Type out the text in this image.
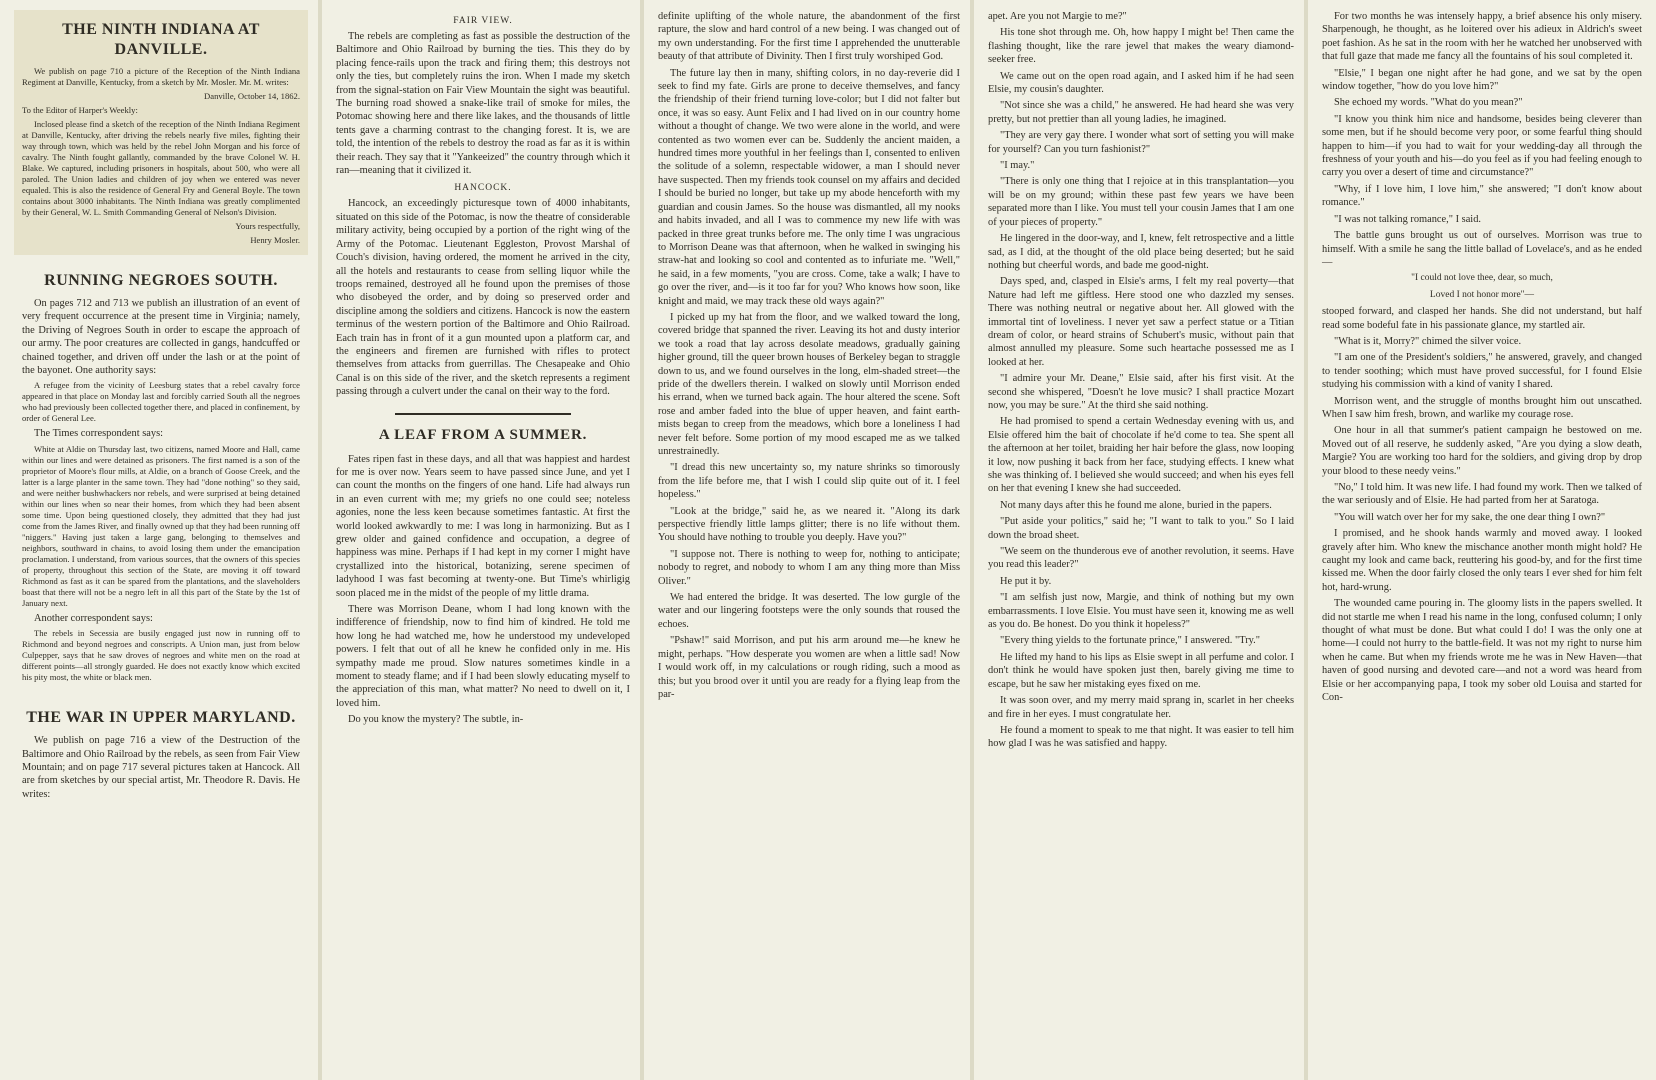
THE NINTH INDIANA AT DANVILLE.

We publish on page 710 a picture of the Reception of the Ninth Indiana Regiment at Danville, Kentucky, from a sketch by Mr. Mosler. Mr. M. writes:

Danville, October 14, 1862.

To the Editor of Harper's Weekly:

Inclosed please find a sketch of the reception of the Ninth Indiana Regiment at Danville, Kentucky, after driving the rebels nearly five miles, fighting their way through town, which was held by the rebel John Morgan and his force of cavalry. The Ninth fought gallantly, commanded by the brave Colonel W. H. Blake. We captured, including prisoners in hospitals, about 500, who were all paroled. The Union ladies and children of joy when we entered was never equaled. This is also the residence of General Fry and General Boyle. The town contains about 3000 inhabitants. The Ninth Indiana was greatly complimented by their General, W. L. Smith Commanding General of Nelson's Division.

Yours respectfully,

Henry Mosler.

RUNNING NEGROES SOUTH.

On pages 712 and 713 we publish an illustration of an event of very frequent occurrence at the present time in Virginia; namely, the Driving of Negroes South in order to escape the approach of our army. The poor creatures are collected in gangs, handcuffed or chained together, and driven off under the lash or at the point of the bayonet. One authority says:

A refugee from the vicinity of Leesburg states that a rebel cavalry force appeared in that place on Monday last and forcibly carried South all the negroes who had previously been collected together there, and placed in confinement, by order of General Lee.

The Times correspondent says:

White at Aldie on Thursday last, two citizens, named Moore and Hall, came within our lines and were detained as prisoners. The first named is a son of the proprietor of Moore's flour mills, at Aldie, on a branch of Goose Creek, and the latter is a large planter in the same town. They had "done nothing" so they said, and were neither bushwhackers nor rebels, and were surprised at being detained within our lines when so near their homes, from which they had been absent some time. Upon being questioned closely, they admitted that they had just come from the James River, and finally owned up that they had been running off "niggers." Having just taken a large gang, belonging to themselves and neighbors, southward in chains, to avoid losing them under the emancipation proclamation. I understand, from various sources, that the owners of this species of property, throughout this section of the State, are moving it off toward Richmond as fast as it can be spared from the plantations, and the slaveholders boast that there will not be a negro left in all this part of the State by the 1st of January next.

Another correspondent says:

The rebels in Secessia are busily engaged just now in running off to Richmond and beyond negroes and conscripts. A Union man, just from below Culpepper, says that he saw droves of negroes and white men on the road at different points—all strongly guarded. He does not exactly know which excited his pity most, the white or black men.

THE WAR IN UPPER MARYLAND.

We publish on page 716 a view of the Destruction of the Baltimore and Ohio Railroad by the rebels, as seen from Fair View Mountain; and on page 717 several pictures taken at Hancock. All are from sketches by our special artist, Mr. Theodore R. Davis. He writes:

FAIR VIEW.

The rebels are completing as fast as possible the destruction of the Baltimore and Ohio Railroad by burning the ties. This they do by placing fence-rails upon the track and firing them; this destroys not only the ties, but completely ruins the iron. When I made my sketch from the signal-station on Fair View Mountain the sight was beautiful. The burning road showed a snake-like trail of smoke for miles, the Potomac showing here and there like lakes, and the thousands of little tents gave a charming contrast to the changing forest. It is, we are told, the intention of the rebels to destroy the road as far as it is within their reach. They say that it "Yankeeized" the country through which it ran—meaning that it civilized it.

HANCOCK.

Hancock, an exceedingly picturesque town of 4000 inhabitants, situated on this side of the Potomac, is now the theatre of considerable military activity, being occupied by a portion of the right wing of the Army of the Potomac. Lieutenant Eggleston, Provost Marshal of Couch's division, having ordered, the moment he arrived in the city, all the hotels and restaurants to cease from selling liquor while the troops remained, destroyed all he found upon the premises of those who disobeyed the order, and by doing so preserved order and discipline among the soldiers and citizens. Hancock is now the eastern terminus of the western portion of the Baltimore and Ohio Railroad. Each train has in front of it a gun mounted upon a platform car, and the engineers and firemen are furnished with rifles to protect themselves from attacks from guerrillas. The Chesapeake and Ohio Canal is on this side of the river, and the sketch represents a regiment passing through a culvert under the canal on their way to the ford.

A LEAF FROM A SUMMER.

Fates ripen fast in these days, and all that was happiest and hardest for me is over now. Years seem to have passed since June, and yet I can count the months on the fingers of one hand. Life had always run in an even current with me; my griefs no one could see; noteless agonies, none the less keen because sometimes fantastic. At first the world looked awkwardly to me: I was long in harmonizing. But as I grew older and gained confidence and occupation, a degree of happiness was mine. Perhaps if I had kept in my corner I might have crystallized into the historical, botanizing, serene specimen of ladyhood I was fast becoming at twenty-one. But Time's whirligig soon placed me in the midst of the people of my little drama.

There was Morrison Deane, whom I had long known with the indifference of friendship, now to find him of kindred. He told me how long he had watched me, how he understood my undeveloped powers. I felt that out of all he knew he confided only in me. His sympathy made me proud. Slow natures sometimes kindle in a moment to steady flame; and if I had been slowly educating myself to the appreciation of this man, what matter? No need to dwell on it, I loved him.

Do you know the mystery? The subtle, in-

definite uplifting of the whole nature, the abandonment of the first rapture, the slow and hard control of a new being. I was changed out of my own understanding. For the first time I apprehended the unutterable beauty of that attribute of Divinity. Then I first truly worshiped God.

The future lay then in many, shifting colors, in no day-reverie did I seek to find my fate. Girls are prone to deceive themselves, and fancy the friendship of their friend turning love-color; but I did not falter but once, it was so easy. Aunt Felix and I had lived on in our country home without a thought of change. We two were alone in the world, and were contented as two women ever can be. Suddenly the ancient maiden, a hundred times more youthful in her feelings than I, consented to enliven the solitude of a solemn, respectable widower, a man I should never have suspected. Then my friends took counsel on my affairs and decided I should be buried no longer, but take up my abode henceforth with my guardian and cousin James. So the house was dismantled, all my nooks and habits invaded, and all I was to commence my new life with was packed in three great trunks before me. The only time I was ungracious to Morrison Deane was that afternoon, when he walked in swinging his straw-hat and looking so cool and contented as to infuriate me. "Well," he said, in a few moments, "you are cross. Come, take a walk; I have to go over the river, and—is it too far for you? Who knows how soon, like knight and maid, we may track these old ways again?"

I picked up my hat from the floor, and we walked toward the long, covered bridge that spanned the river. Leaving its hot and dusty interior we took a road that lay across desolate meadows, gradually gaining higher ground, till the queer brown houses of Berkeley began to straggle down to us, and we found ourselves in the long, elm-shaded street—the pride of the dwellers therein. I walked on slowly until Morrison ended his errand, when we turned back again. The hour altered the scene. Soft rose and amber faded into the blue of upper heaven, and faint earth-mists began to creep from the meadows, which bore a loneliness I had never felt before. Some portion of my mood escaped me as we talked unrestrainedly.

"I dread this new uncertainty so, my nature shrinks so timorously from the life before me, that I wish I could slip quite out of it. I feel hopeless."

"Look at the bridge," said he, as we neared it. "Along its dark perspective friendly little lamps glitter; there is no life without them. You should have nothing to trouble you deeply. Have you?"

"I suppose not. There is nothing to weep for, nothing to anticipate; nobody to regret, and nobody to whom I am any thing more than Miss Oliver."

We had entered the bridge. It was deserted. The low gurgle of the water and our lingering footsteps were the only sounds that roused the echoes.

"Pshaw!" said Morrison, and put his arm around me—he knew he might, perhaps. "How desperate you women are when a little sad! Now I would work off, in my calculations or rough riding, such a mood as this; but you brood over it until you are ready for a flying leap from the par-

apet. Are you not Margie to me?"

His tone shot through me. Oh, how happy I might be! Then came the flashing thought, like the rare jewel that makes the weary diamond-seeker free.

We came out on the open road again, and I asked him if he had seen Elsie, my cousin's daughter.

"Not since she was a child," he answered. He had heard she was very pretty, but not prettier than all young ladies, he imagined.

"They are very gay there. I wonder what sort of setting you will make for yourself? Can you turn fashionist?"

"I may."

"There is only one thing that I rejoice at in this transplantation—you will be on my ground; within these past few years we have been separated more than I like. You must tell your cousin James that I am one of your pieces of property."

He lingered in the door-way, and I, knew, felt retrospective and a little sad, as I did, at the thought of the old place being deserted; but he said nothing but cheerful words, and bade me good-night.

Days sped, and, clasped in Elsie's arms, I felt my real poverty—that Nature had left me giftless. Here stood one who dazzled my senses. There was nothing neutral or negative about her. All glowed with the immortal tint of loveliness. I never yet saw a perfect statue or a Titian dream of color, or heard strains of Schubert's music, without pain that almost annulled my pleasure. Some such heartache possessed me as I looked at her.

"I admire your Mr. Deane," Elsie said, after his first visit. At the second she whispered, "Doesn't he love music? I shall practice Mozart now, you may be sure." At the third she said nothing.

He had promised to spend a certain Wednesday evening with us, and Elsie offered him the bait of chocolate if he'd come to tea. She spent all the afternoon at her toilet, braiding her hair before the glass, now looping it low, now pushing it back from her face, studying effects. I knew what she was thinking of. I believed she would succeed; and when his eyes fell on her that evening I knew she had succeeded.

Not many days after this he found me alone, buried in the papers.

"Put aside your politics," said he; "I want to talk to you." So I laid down the broad sheet.

"We seem on the thunderous eve of another revolution, it seems. Have you read this leader?"

He put it by.

"I am selfish just now, Margie, and think of nothing but my own embarrassments. I love Elsie. You must have seen it, knowing me as well as you do. Be honest. Do you think it hopeless?"

"Every thing yields to the fortunate prince," I answered. "Try."

He lifted my hand to his lips as Elsie swept in all perfume and color. I don't think he would have spoken just then, barely giving me time to escape, but he saw her mistaking eyes fixed on me.

It was soon over, and my merry maid sprang in, scarlet in her cheeks and fire in her eyes. I must congratulate her.

He found a moment to speak to me that night. It was easier to tell him how glad I was he was satisfied and happy.

For two months he was intensely happy, a brief absence his only misery. Sharpenough, he thought, as he loitered over his adieux in Aldrich's sweet poet fashion. As he sat in the room with her he watched her unobserved with that full gaze that made me fancy all the fountains of his soul completed it.

"Elsie," I began one night after he had gone, and we sat by the open window together, "how do you love him?"

She echoed my words. "What do you mean?"

"I know you think him nice and handsome, besides being cleverer than some men, but if he should become very poor, or some fearful thing should happen to him—if you had to wait for your wedding-day all through the freshness of your youth and his—do you feel as if you had feeling enough to carry you over a desert of time and circumstance?"

"Why, if I love him, I love him," she answered; "I don't know about romance."

"I was not talking romance," I said.

The battle guns brought us out of ourselves. Morrison was true to himself. With a smile he sang the little ballad of Lovelace's, and as he ended—

"I could not love thee, dear, so much,

Loved I not honor more"—

stooped forward, and clasped her hands. She did not understand, but half read some bodeful fate in his passionate glance, my startled air.

"What is it, Morry?" chimed the silver voice.

"I am one of the President's soldiers," he answered, gravely, and changed to tender soothing; which must have proved successful, for I found Elsie studying his commission with a kind of vanity I shared.

Morrison went, and the struggle of months brought him out unscathed. When I saw him fresh, brown, and warlike my courage rose.

One hour in all that summer's patient campaign he bestowed on me. Moved out of all reserve, he suddenly asked, "Are you dying a slow death, Margie? You are working too hard for the soldiers, and giving drop by drop your blood to these needy veins."

"No," I told him. It was new life. I had found my work. Then we talked of the war seriously and of Elsie. He had parted from her at Saratoga.

"You will watch over her for my sake, the one dear thing I own?"

I promised, and he shook hands warmly and moved away. I looked gravely after him. Who knew the mischance another month might hold? He caught my look and came back, reuttering his good-by, and for the first time kissed me. When the door fairly closed the only tears I ever shed for him felt hot, hard-wrung.

The wounded came pouring in. The gloomy lists in the papers swelled. It did not startle me when I read his name in the long, confused column; I only thought of what must be done. But what could I do! I was the only one at home—I could not hurry to the battle-field. It was not my right to nurse him when he came. But when my friends wrote me he was in New Haven—that haven of good nursing and devoted care—and not a word was heard from Elsie or her accompanying papa, I took my sober old Louisa and started for Con-
